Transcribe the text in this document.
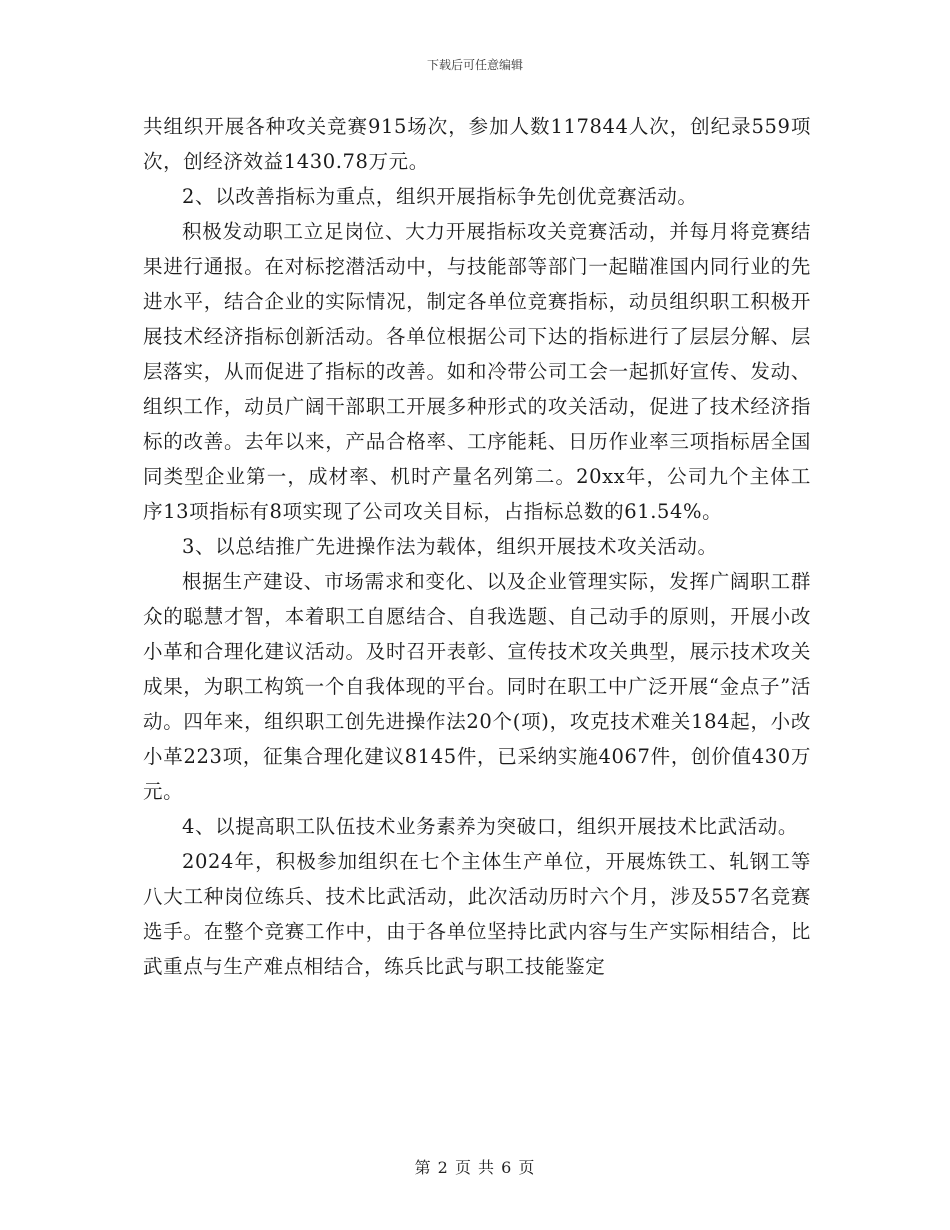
下载后可任意编辑

共组织开展各种攻关竞赛915场次，参加人数117844人次，创纪录559项次，创经济效益1430.78万元。

2、以改善指标为重点，组织开展指标争先创优竞赛活动。

积极发动职工立足岗位、大力开展指标攻关竞赛活动，并每月将竞赛结果进行通报。在对标挖潜活动中，与技能部等部门一起瞄准国内同行业的先进水平，结合企业的实际情况，制定各单位竞赛指标，动员组织职工积极开展技术经济指标创新活动。各单位根据公司下达的指标进行了层层分解、层层落实，从而促进了指标的改善。如和冷带公司工会一起抓好宣传、发动、组织工作，动员广阔干部职工开展多种形式的攻关活动，促进了技术经济指标的改善。去年以来，产品合格率、工序能耗、日历作业率三项指标居全国同类型企业第一，成材率、机时产量名列第二。20xx年，公司九个主体工序13项指标有8项实现了公司攻关目标，占指标总数的61.54%。

3、以总结推广先进操作法为载体，组织开展技术攻关活动。

根据生产建设、市场需求和变化、以及企业管理实际，发挥广阔职工群众的聪慧才智，本着职工自愿结合、自我选题、自己动手的原则，开展小改小革和合理化建议活动。及时召开表彰、宣传技术攻关典型，展示技术攻关成果，为职工构筑一个自我体现的平台。同时在职工中广泛开展“金点子”活动。四年来，组织职工创先进操作法20个(项)，攻克技术难关184起，小改小革223项，征集合理化建议8145件，已采纳实施4067件，创价值430万元。

4、以提高职工队伍技术业务素养为突破口，组织开展技术比武活动。

2024年，积极参加组织在七个主体生产单位，开展炼铁工、轧钢工等八大工种岗位练兵、技术比武活动，此次活动历时六个月，涉及557名竞赛选手。在整个竞赛工作中，由于各单位坚持比武内容与生产实际相结合，比武重点与生产难点相结合，练兵比武与职工技能鉴定

第 2 页 共 6 页
